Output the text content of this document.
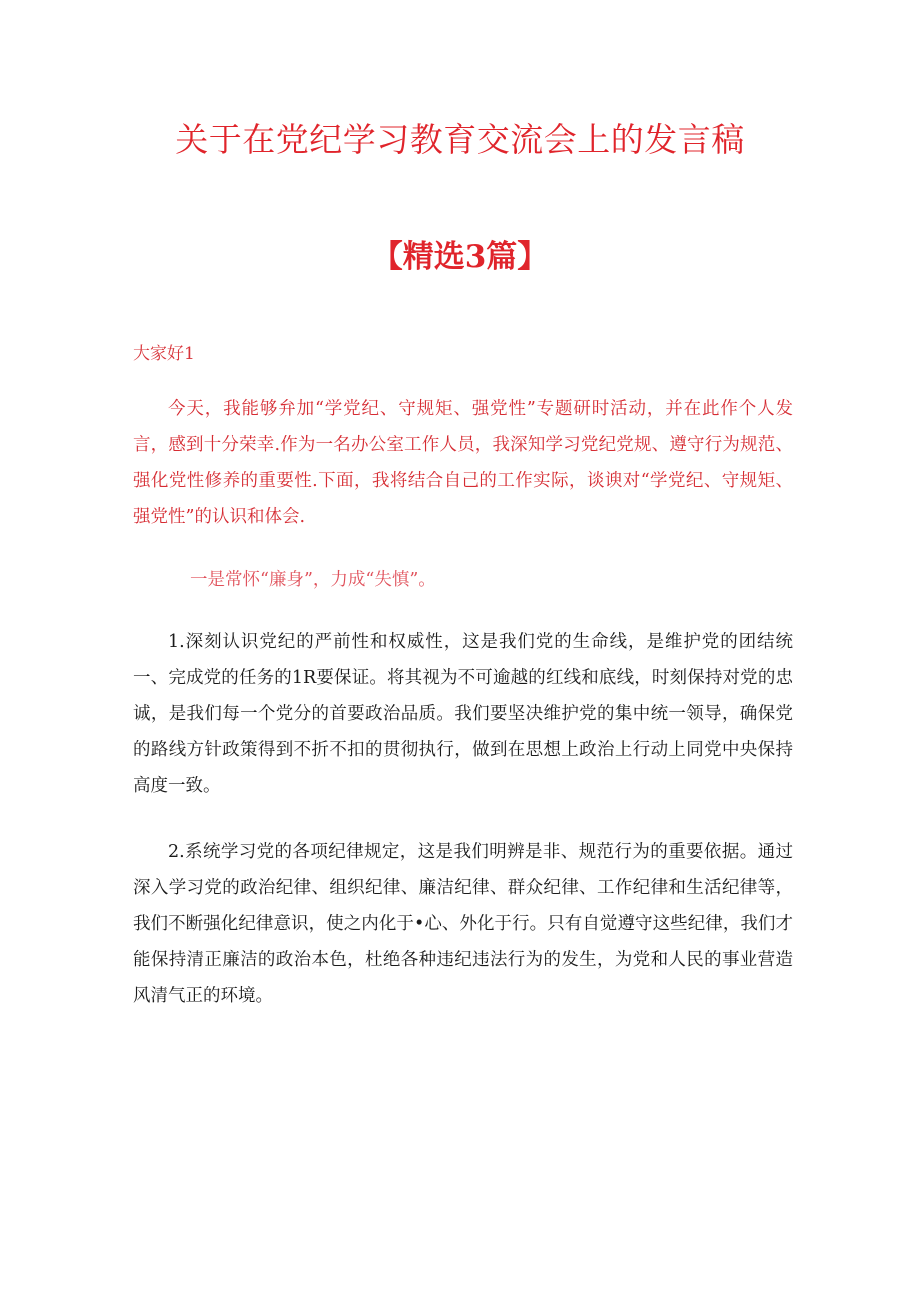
关于在党纪学习教育交流会上的发言稿
【精选3篇】

大家好1

今天，我能够弁加“学党纪、守规矩、强党性”专题研时活动，并在此作个人发言，感到十分荣幸.作为一名办公室工作人员，我深知学习党纪党规、遵守行为规范、强化党性修养的重要性.下面，我将结合自己的工作实际，谈谀对“学党纪、守规矩、强党性”的认识和体会.

一是常怀“廉身”，力成“失慎”。

1.深刻认识党纪的严前性和权威性，这是我们党的生命线，是维护党的团结统一、完成党的任务的1R要保证。将其视为不可逾越的红线和底线，时刻保持对党的忠诚，是我们每一个党分的首要政治品质。我们要坚决维护党的集中统一领导，确保党的路线方针政策得到不折不扣的贯彻执行，做到在思想上政治上行动上同党中央保持高度一致。

2.系统学习党的各项纪律规定，这是我们明辨是非、规范行为的重要依据。通过深入学习党的政治纪律、组织纪律、廉洁纪律、群众纪律、工作纪律和生活纪律等，我们不断强化纪律意识，使之内化于•心、外化于行。只有自觉遵守这些纪律，我们才能保持清正廉洁的政治本色，杜绝各种违纪违法行为的发生，为党和人民的事业营造风清气正的环境。
